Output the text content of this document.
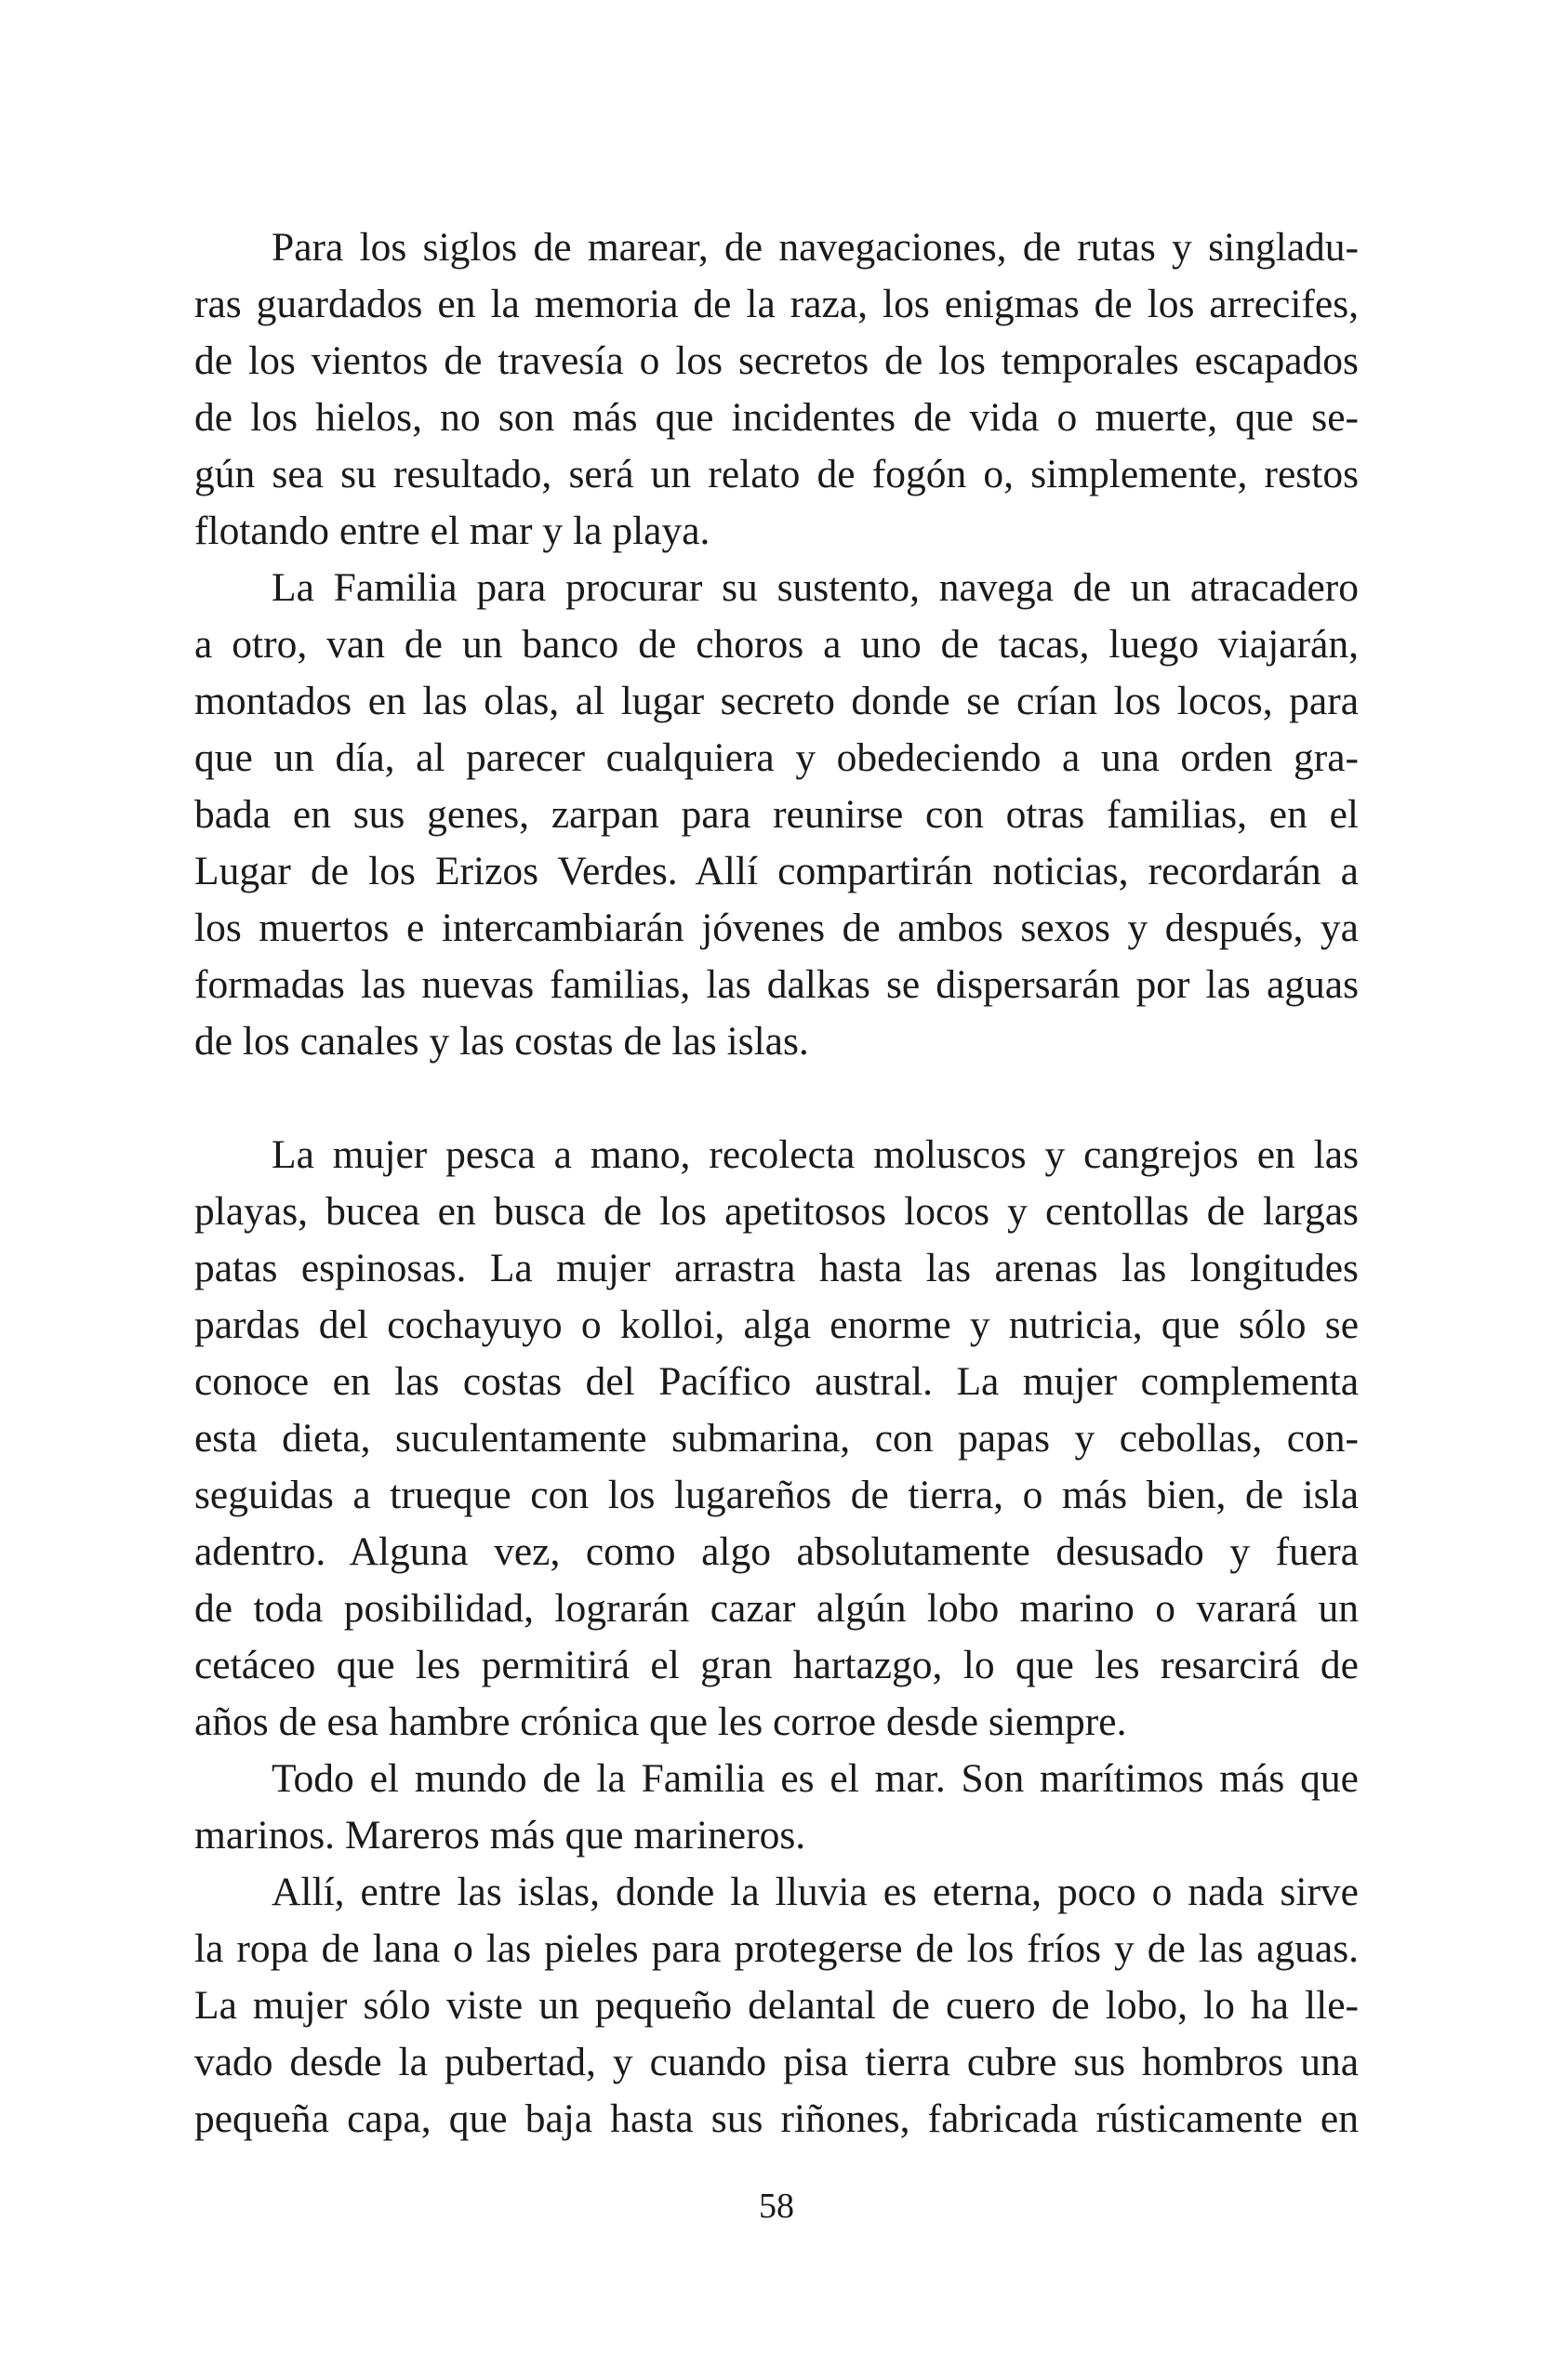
Para los siglos de marear, de navegaciones, de rutas y singladu-
ras guardados en la memoria de la raza, los enigmas de los arrecifes,
de los vientos de travesía o los secretos de los temporales escapados
de los hielos, no son más que incidentes de vida o muerte, que se-
gún sea su resultado, será un relato de fogón o, simplemente, restos
flotando entre el mar y la playa.
La Familia para procurar su sustento, navega de un atracadero
a otro, van de un banco de choros a uno de tacas, luego viajarán,
montados en las olas, al lugar secreto donde se crían los locos, para
que un día, al parecer cualquiera y obedeciendo a una orden gra-
bada en sus genes, zarpan para reunirse con otras familias, en el
Lugar de los Erizos Verdes. Allí compartirán noticias, recordarán a
los muertos e intercambiarán jóvenes de ambos sexos y después, ya
formadas las nuevas familias, las dalkas se dispersarán por las aguas
de los canales y las costas de las islas.
La mujer pesca a mano, recolecta moluscos y cangrejos en las
playas, bucea en busca de los apetitosos locos y centollas de largas
patas espinosas. La mujer arrastra hasta las arenas las longitudes
pardas del cochayuyo o kolloi, alga enorme y nutricia, que sólo se
conoce en las costas del Pacífico austral. La mujer complementa
esta dieta, suculentamente submarina, con papas y cebollas, con-
seguidas a trueque con los lugareños de tierra, o más bien, de isla
adentro. Alguna vez, como algo absolutamente desusado y fuera
de toda posibilidad, lograrán cazar algún lobo marino o varará un
cetáceo que les permitirá el gran hartazgo, lo que les resarcirá de
años de esa hambre crónica que les corroe desde siempre.
Todo el mundo de la Familia es el mar. Son marítimos más que
marinos. Mareros más que marineros.
Allí, entre las islas, donde la lluvia es eterna, poco o nada sirve
la ropa de lana o las pieles para protegerse de los fríos y de las aguas.
La mujer sólo viste un pequeño delantal de cuero de lobo, lo ha lle-
vado desde la pubertad, y cuando pisa tierra cubre sus hombros una
pequeña capa, que baja hasta sus riñones, fabricada rústicamente en
58
